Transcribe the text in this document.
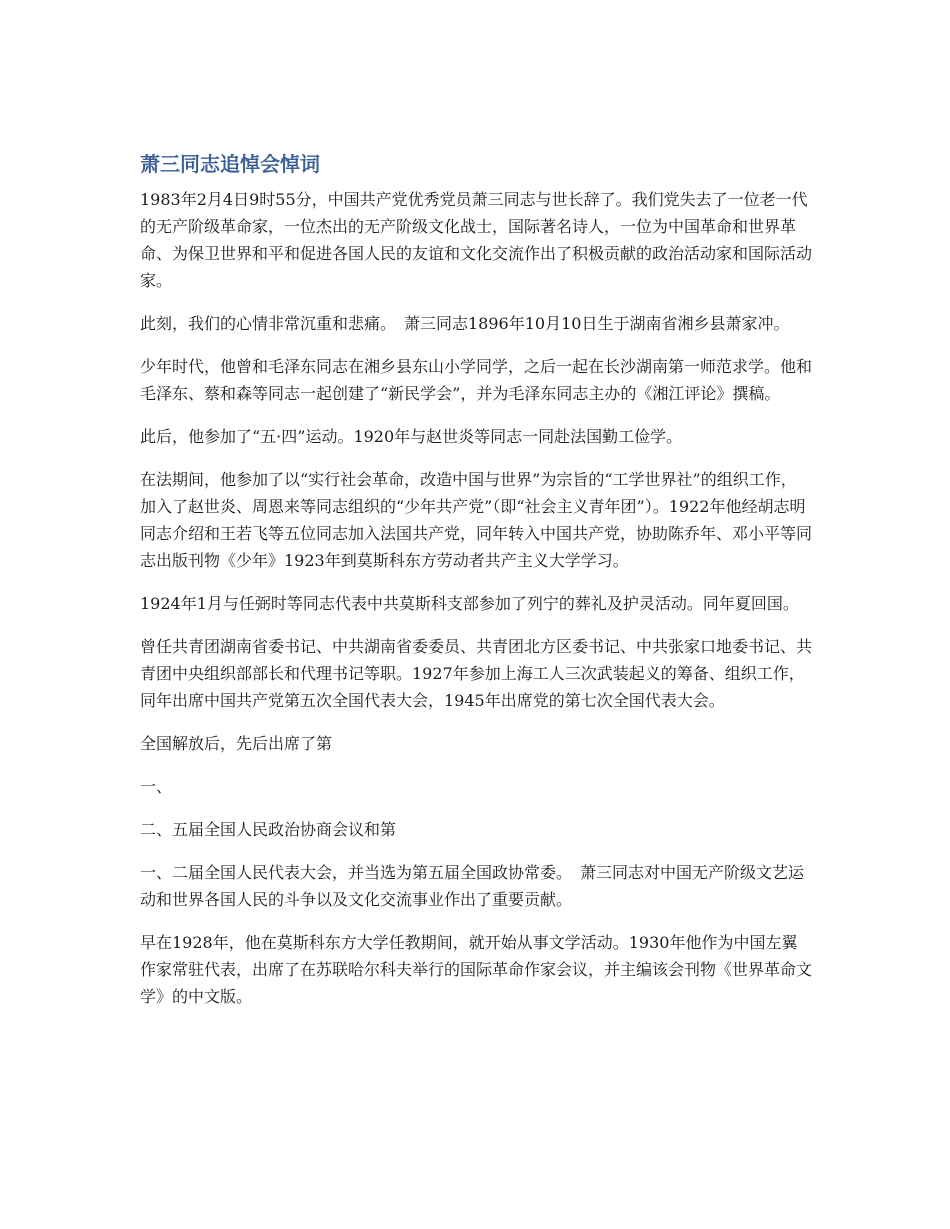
萧三同志追悼会悼词

1983年2月4日9时55分，中国共产党优秀党员萧三同志与世长辞了。我们党失去了一位老一代的无产阶级革命家，一位杰出的无产阶级文化战士，国际著名诗人，一位为中国革命和世界革命、为保卫世界和平和促进各国人民的友谊和文化交流作出了积极贡献的政治活动家和国际活动家。

此刻，我们的心情非常沉重和悲痛。　萧三同志1896年10月10日生于湖南省湘乡县萧家冲。

少年时代，他曾和毛泽东同志在湘乡县东山小学同学，之后一起在长沙湖南第一师范求学。他和毛泽东、蔡和森等同志一起创建了“新民学会”，并为毛泽东同志主办的《湘江评论》撰稿。

此后，他参加了“五·四”运动。1920年与赵世炎等同志一同赴法国勤工俭学。

在法期间，他参加了以“实行社会革命，改造中国与世界”为宗旨的“工学世界社”的组织工作，加入了赵世炎、周恩来等同志组织的“少年共产党”（即“社会主义青年团”）。1922年他经胡志明同志介绍和王若飞等五位同志加入法国共产党，同年转入中国共产党，协助陈乔年、邓小平等同志出版刊物《少年》1923年到莫斯科东方劳动者共产主义大学学习。

1924年1月与任弼时等同志代表中共莫斯科支部参加了列宁的葬礼及护灵活动。同年夏回国。

曾任共青团湖南省委书记、中共湖南省委委员、共青团北方区委书记、中共张家口地委书记、共青团中央组织部部长和代理书记等职。1927年参加上海工人三次武装起义的筹备、组织工作，同年出席中国共产党第五次全国代表大会，1945年出席党的第七次全国代表大会。

全国解放后，先后出席了第

一、

二、五届全国人民政治协商会议和第

一、二届全国人民代表大会，并当选为第五届全国政协常委。　萧三同志对中国无产阶级文艺运动和世界各国人民的斗争以及文化交流事业作出了重要贡献。

早在1928年，他在莫斯科东方大学任教期间，就开始从事文学活动。1930年他作为中国左翼作家常驻代表，出席了在苏联哈尔科夫举行的国际革命作家会议，并主编该会刊物《世界革命文学》的中文版。
